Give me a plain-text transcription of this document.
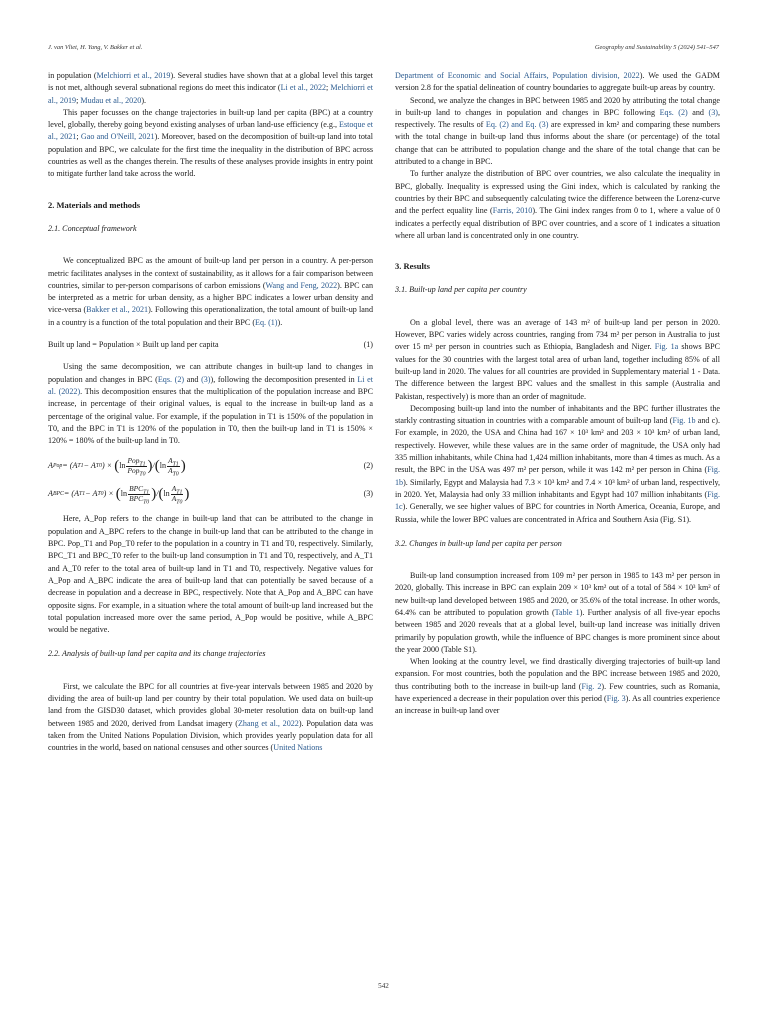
J. van Vliet, H. Yang, V. Bakker et al.	Geography and Sustainability 5 (2024) 541–547

in population (Melchiorri et al., 2019). Several studies have shown that at a global level this target is not met, although several subnational regions do meet this indicator (Li et al., 2022; Melchiorri et al., 2019; Mudau et al., 2020).

This paper focusses on the change trajectories in built-up land per capita (BPC) at a country level, globally, thereby going beyond existing analyses of urban land-use efficiency (e.g., Estoque et al., 2021; Gao and O'Neill, 2021). Moreover, based on the decomposition of built-up land into total population and BPC, we calculate for the first time the inequality in the distribution of BPC across countries as well as the changes therein. The results of these analyses provide insights in entry point to mitigate further land take across the world.

2. Materials and methods
2.1. Conceptual framework

We conceptualized BPC as the amount of built-up land per person in a country. A per-person metric facilitates analyses in the context of sustainability, as it allows for a fair comparison between countries, similar to per-person comparisons of carbon emissions (Wang and Feng, 2022). BPC can be interpreted as a metric for urban density, as a higher BPC indicates a lower urban density and vice-versa (Bakker et al., 2021). Following this operationalization, the total amount of built-up land in a country is a function of the total population and their BPC (Eq. (1)).

Built up land = Population × Built up land per capita	(1)

Using the same decomposition, we can attribute changes in built-up land to changes in population and changes in BPC (Eqs. (2) and (3)), following the decomposition presented in Li et al. (2022). This decomposition ensures that the multiplication of the population increase and BPC increase, in percentage of their original values, is equal to the increase in built-up land as a percentage of the original value. For example, if the population in T1 is 150% of the population in T0, and the BPC in T1 is 120% of the population in T0, then the built-up land in T1 is 150% × 120% = 180% of the built-up land in T0.

A Pop = (A T1 − A T0 ) ×
( $\ln \frac{Pop_{T1}}{Pop_{T0}}$ ) / ( $\ln \frac{A_{T1}}{A_{T0}}$ )	(2)
A BPC = (A T1 − A T0 ) ×
( $\ln \frac{BPC_{T1}}{BPC_{T0}}$ ) / ( $\ln \frac{A_{T1}}{A_{T0}}$ )	(3)

Here, A_Pop refers to the change in built-up land that can be attributed to the change in population and A_BPC refers to the change in built-up land that can be attributed to the change in BPC. Pop_T1 and Pop_T0 refer to the population in a country in T1 and T0, respectively. Similarly, BPC_T1 and BPC_T0 refer to the built-up land consumption in T1 and T0, respectively, and A_T1 and A_T0 refer to the total area of built-up land in T1 and T0, respectively. Negative values for A_Pop and A_BPC indicate the area of built-up land that can potentially be saved because of a decrease in population and a decrease in BPC, respectively. Note that A_Pop and A_BPC can have opposite signs. For example, in a situation where the total amount of built-up land increased but the total population increased more over the same period, A_Pop would be positive, while A_BPC would be negative.

2.2. Analysis of built-up land per capita and its change trajectories

First, we calculate the BPC for all countries at five-year intervals between 1985 and 2020 by dividing the area of built-up land per country by their total population. We used data on built-up land from the GISD30 dataset, which provides global 30-meter resolution data on built-up land between 1985 and 2020, derived from Landsat imagery (Zhang et al., 2022). Population data was taken from the United Nations Population Division, which provides yearly population data for all countries in the world, based on national censuses and other sources (United Nations

Department of Economic and Social Affairs, Population division, 2022). We used the GADM version 2.8 for the spatial delineation of country boundaries to aggregate built-up areas by country.

Second, we analyze the changes in BPC between 1985 and 2020 by attributing the total change in built-up land to changes in population and changes in BPC following Eqs. (2) and (3), respectively. The results of Eq. (2) and Eq. (3) are expressed in km² and comparing these numbers with the total change in built-up land thus informs about the share (or percentage) of the total change that can be attributed to population change and the share of the total change that can be attributed to a change in BPC.

To further analyze the distribution of BPC over countries, we also calculate the inequality in BPC, globally. Inequality is expressed using the Gini index, which is calculated by ranking the countries by their BPC and subsequently calculating twice the difference between the Lorenz-curve and the perfect equality line (Farris, 2010). The Gini index ranges from 0 to 1, where a value of 0 indicates a perfectly equal distribution of BPC over countries, and a score of 1 indicates a situation where all urban land is concentrated only in one country.

3. Results
3.1. Built-up land per capita per country

On a global level, there was an average of 143 m² of built-up land per person in 2020. However, BPC varies widely across countries, ranging from 734 m² per person in Australia to just over 15 m² per person in countries such as Ethiopia, Bangladesh and Niger. Fig. 1a shows BPC values for the 30 countries with the largest total area of urban land, together including 85% of all built-up land in 2020. The values for all countries are provided in Supplementary material 1 - Data. The difference between the largest BPC values and the smallest in this sample (Australia and Pakistan, respectively) is more than an order of magnitude.

Decomposing built-up land into the number of inhabitants and the BPC further illustrates the starkly contrasting situation in countries with a comparable amount of built-up land (Fig. 1b and c). For example, in 2020, the USA and China had 167 × 10³ km² and 203 × 10³ km² of urban land, respectively. However, while these values are in the same order of magnitude, the USA only had 335 million inhabitants, while China had 1,424 million inhabitants, more than 4 times as much. As a result, the BPC in the USA was 497 m² per person, while it was 142 m² per person in China (Fig. 1b). Similarly, Egypt and Malaysia had 7.3 × 10³ km² and 7.4 × 10³ km² of urban land, respectively, in 2020. Yet, Malaysia had only 33 million inhabitants and Egypt had 107 million inhabitants (Fig. 1c). Generally, we see higher values of BPC for countries in North America, Oceania, Europe, and Russia, while the lower BPC values are concentrated in Africa and Southern Asia (Fig. S1).

3.2. Changes in built-up land per capita per person

Built-up land consumption increased from 109 m² per person in 1985 to 143 m² per person in 2020, globally. This increase in BPC can explain 209 × 10³ km² out of a total of 584 × 10³ km² of new built-up land developed between 1985 and 2020, or 35.6% of the total increase. In other words, 64.4% can be attributed to population growth (Table 1). Further analysis of all five-year epochs between 1985 and 2020 reveals that at a global level, built-up land increase was initially driven primarily by population growth, while the influence of BPC changes is more prominent since about the year 2000 (Table S1).

When looking at the country level, we find drastically diverging trajectories of built-up land expansion. For most countries, both the population and the BPC increase between 1985 and 2020, thus contributing both to the increase in built-up land (Fig. 2). Few countries, such as Romania, have experienced a decrease in their population over this period (Fig. 3). As all countries experience an increase in built-up land over

542
